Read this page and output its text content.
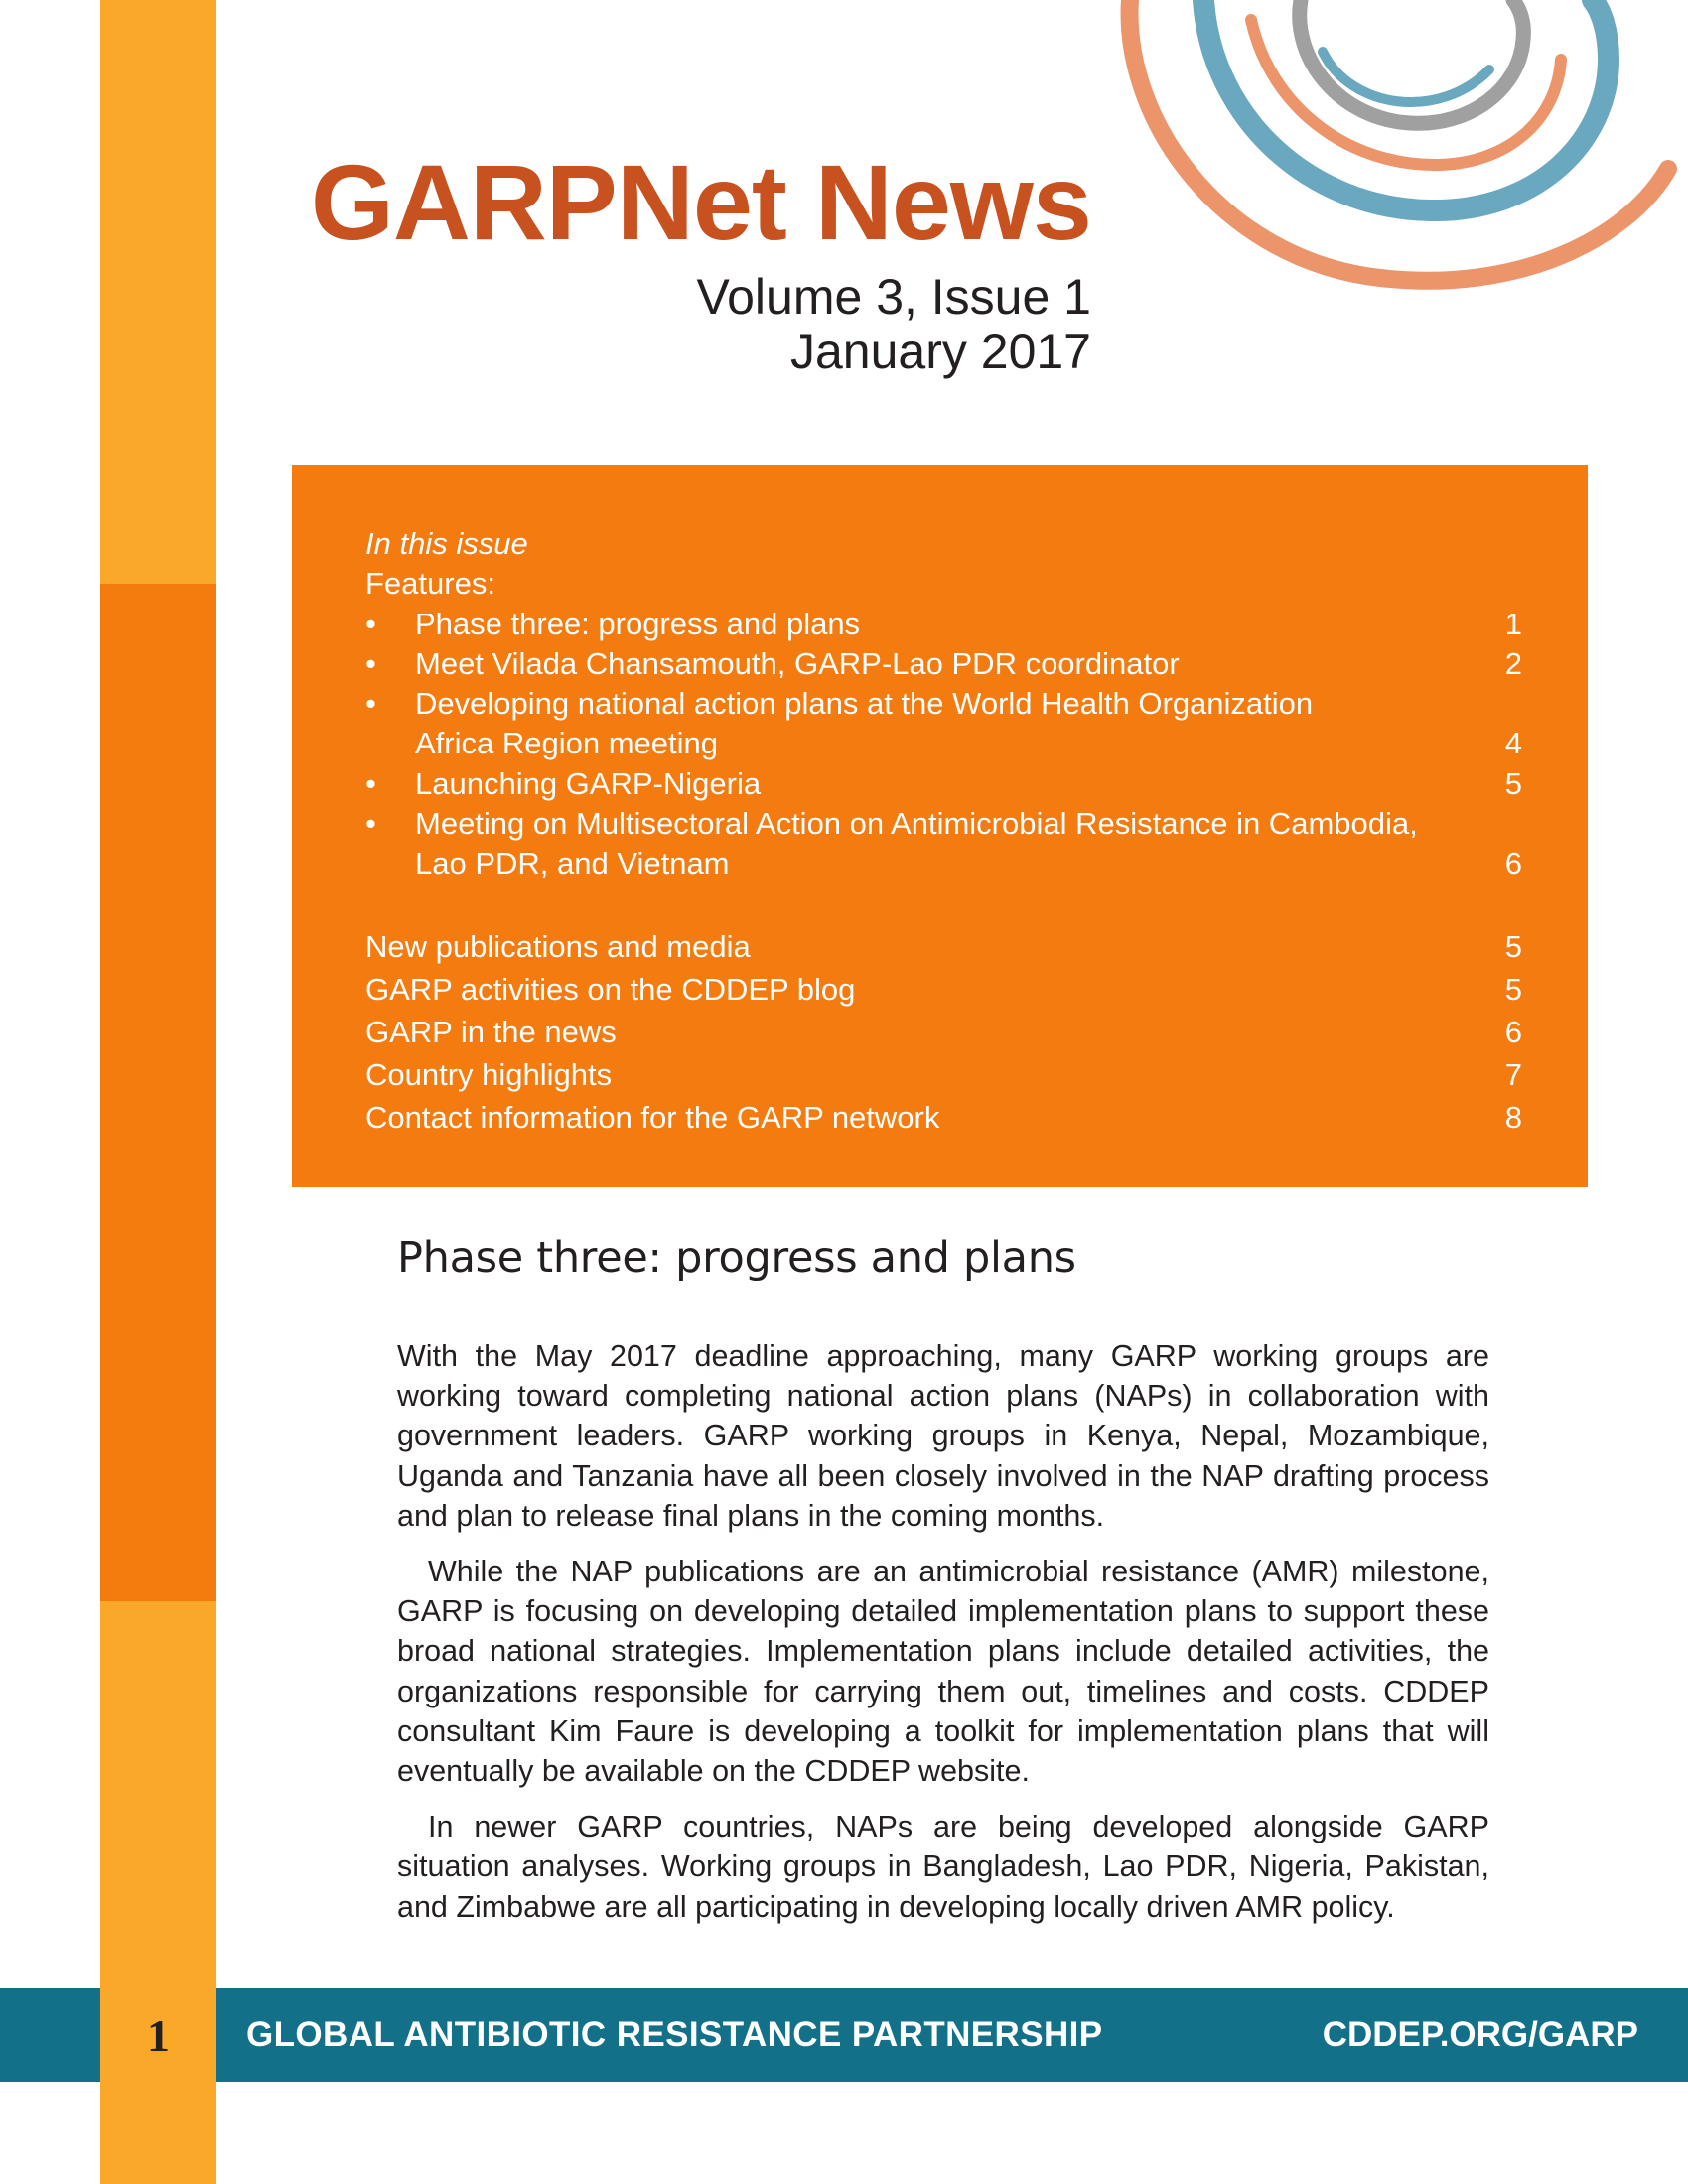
GARPNet News
Volume 3, Issue 1
January 2017
In this issue
Features:
•	Phase three: progress and plans	1
•	Meet Vilada Chansamouth, GARP-Lao PDR coordinator	2
•	Developing national action plans at the World Health Organization
Africa Region meeting	4
•	Launching GARP-Nigeria	5
•	Meeting on Multisectoral Action on Antimicrobial Resistance in Cambodia,
Lao PDR, and Vietnam	6
New publications and media	5
GARP activities on the CDDEP blog	5
GARP in the news	6
Country highlights	7
Contact information for the GARP network	8
Phase three: progress and plans

With the May 2017 deadline approaching, many GARP working groups are working toward completing national action plans (NAPs) in collaboration with government leaders. GARP working groups in Kenya, Nepal, Mozambique, Uganda and Tanzania have all been closely involved in the NAP drafting process and plan to release final plans in the coming months.

While the NAP publications are an antimicrobial resistance (AMR) milestone, GARP is focusing on developing detailed implementation plans to support these broad national strategies. Implementation plans include detailed activities, the organizations responsible for carrying them out, timelines and costs. CDDEP consultant Kim Faure is developing a toolkit for implementation plans that will eventually be available on the CDDEP website.

In newer GARP countries, NAPs are being developed alongside GARP situation analyses. Working groups in Bangladesh, Lao PDR, Nigeria, Pakistan, and Zimbabwe are all participating in developing locally driven AMR policy.

1	GLOBAL ANTIBIOTIC RESISTANCE PARTNERSHIP	CDDEP.ORG/GARP
